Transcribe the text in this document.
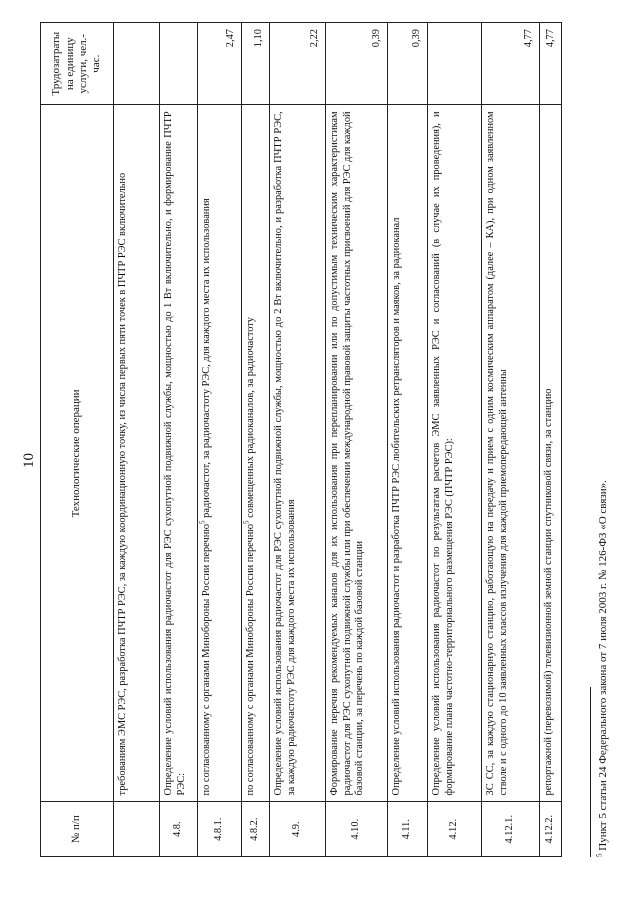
10
№ п/п	Технологические операции	Трудозатраты на единицу услуги, чел.-час.
	требованиям ЭМС РЭС, разработка ПЧТР РЭС, за каждую координационную точку, из числа первых пяти точек в ПЧТР РЭС включительно	
4.8.	Определение условий использования радиочастот для РЭС сухопутной подвижной службы, мощностью до 1 Вт включительно, и формирование ПЧТР РЭС:	
4.8.1.	по согласованному с органами Минобороны России перечню$^5$ радиочастот, за радиочастоту РЭС, для каждого места их использования	2,47
4.8.2.	по согласованному с органами Минобороны России перечню$^5$ совмещенных радиоканалов, за радиочастоту	1,10
4.9.	Определение условий использования радиочастот для РЭС сухопутной подвижной службы, мощностью до 2 Вт включительно, и разработка ПЧТР РЭС, за каждую радиочастоту РЭС для каждого места их использования	2,22
4.10.	Формирование перечня рекомендуемых каналов для их использования при перепланировании или по допустимым техническим характеристикам радиочастот для РЭС сухопутной подвижной службы или при обеспечении международной правовой защиты частотных присвоений для РЭС для каждой базовой станции, за перечень по каждой базовой станции	0,39
4.11.	Определение условий использования радиочастот и разработка ПЧТР РЭС любительских ретрансляторов и маяков, за радиоканал	0,39
4.12.	Определение условий использования радиочастот по результатам расчетов ЭМС заявленных РЭС и согласований (в случае их проведения), и формирование плана частотно-территориального размещения РЭС (ПЧТР РЭС):	
4.12.1.	ЗС СС, за каждую стационарную станцию, работающую на передачу и прием с одним космическим аппаратом (далее – КА), при одном заявленном стволе и с одного до 10 заявленных классов излучения для каждой приемопередающей антенны	4,77
4.12.2.	репортажной (перевозимой) телевизионной земной станции спутниковой связи, за станцию	4,77
$^5$ Пункт 5 статьи 24 Федерального закона от 7 июля 2003 г. № 126-ФЗ «О связи».
